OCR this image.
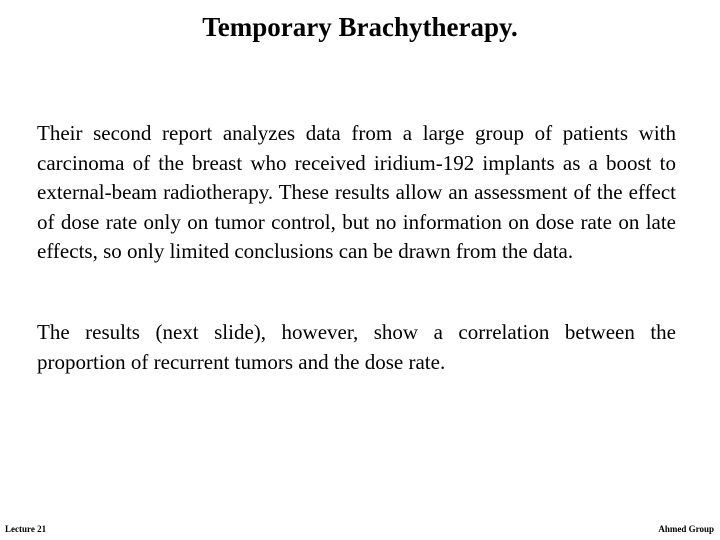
Temporary Brachytherapy.

Their second report analyzes data from a large group of patients with carcinoma of the breast who received iridium-192 implants as a boost to external-beam radiotherapy. These results allow an assessment of the effect of dose rate only on tumor control, but no information on dose rate on late effects, so only limited conclusions can be drawn from the data.

The results (next slide), however, show a correlation between the proportion of recurrent tumors and the dose rate.

Lecture 21	Ahmed Group
